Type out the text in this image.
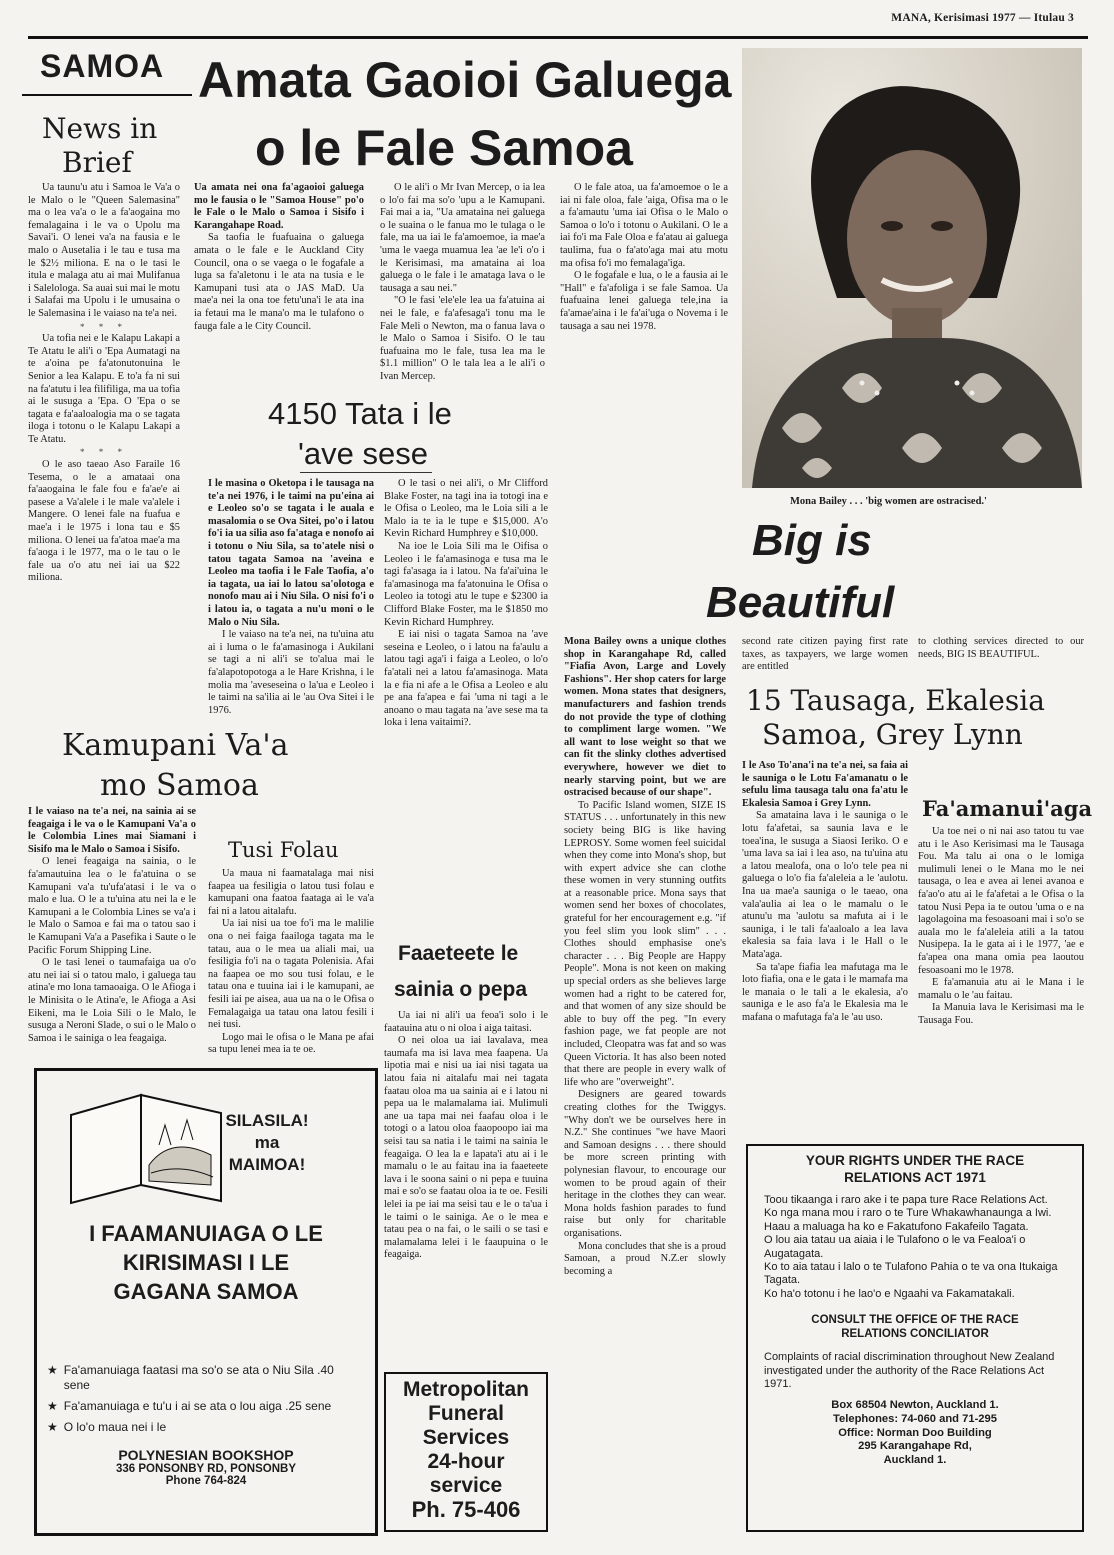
MANA, Kerisimasi 1977 — Itulau 3
SAMOA Amata Gaoioi Galuega
o le Fale Samoa
News in
Brief

Ua taunu'u atu i Samoa le Va'a o le Malo o le "Queen Salemasina" ma o lea va'a o le a fa'aogaina mo femalagaina i le va o Upolu ma Savai'i. O lenei va'a na fausia e le malo o Ausetalia i le tau e tusa ma le $2½ miliona. E na o le tasi le itula e malaga atu ai mai Mulifanua i Salelologa. Sa auai sui mai le motu i Salafai ma Upolu i le umusaina o le Salemasina i le vaiaso na te'a nei.

* * *

Ua tofia nei e le Kalapu Lakapi a Te Atatu le ali'i o 'Epa Aumatagi na te a'oina pe fa'atonutonuina le Senior a lea Kalapu. E to'a fa ni sui na fa'atutu i lea filifiliga, ma ua tofia ai le susuga a 'Epa. O 'Epa o se tagata e fa'aaloalogia ma o se tagata iloga i totonu o le Kalapu Lakapi a Te Atatu.

* * *

O le aso taeao Aso Faraile 16 Tesema, o le a amataai ona fa'aaogaina le fale fou e fa'ae'e ai pasese a Va'alele i le male va'alele i Mangere. O lenei fale na fuafua e mae'a i le 1975 i lona tau e $5 miliona. O lenei ua fa'atoa mae'a ma fa'aoga i le 1977, ma o le tau o le fale ua o'o atu nei iai ua $22 miliona.

Ua amata nei ona fa'agaoioi galuega mo le fausia o le "Samoa House" po'o le Fale o le Malo o Samoa i Sisifo i Karangahape Road.

Sa taofia le fuafuaina o galuega amata o le fale e le Auckland City Council, ona o se vaega o le fogafale a luga sa fa'aletonu i le ata na tusia e le Kamupani tusi ata o JAS MaD. Ua mae'a nei la ona toe fetu'una'i le ata ina ia fetaui ma le mana'o ma le tulafono o fauga fale a le City Council.

O le ali'i o Mr Ivan Mercep, o ia lea o lo'o fai ma so'o 'upu a le Kamupani. Fai mai a ia, "Ua amataina nei galuega o le suaina o le fanua mo le tulaga o le fale, ma ua iai le fa'amoemoe, ia mae'a 'uma le vaega muamua lea 'ae le'i o'o i le Kerisimasi, ma amataina ai loa galuega o le fale i le amataga lava o le tausaga a sau nei."

"O le fasi 'ele'ele lea ua fa'atuina ai nei le fale, e fa'afesaga'i tonu ma le Fale Meli o Newton, ma o fanua lava o le Malo o Samoa i Sisifo. O le tau fuafuaina mo le fale, tusa lea ma le $1.1 million" O le tala lea a le ali'i o Ivan Mercep.

O le fale atoa, ua fa'amoemoe o le a iai ni fale oloa, fale 'aiga, Ofisa ma o le a fa'amautu 'uma iai Ofisa o le Malo o Samoa o lo'o i totonu o Aukilani. O le a iai fo'i ma Fale Oloa e fa'atau ai galuega taulima, fua o fa'ato'aga mai atu motu ma ofisa fo'i mo femalaga'iga.

O le fogafale e lua, o le a fausia ai le "Hall" e fa'afoliga i se fale Samoa. Ua fuafuaina lenei galuega tele,ina ia fa'amae'aina i le fa'ai'uga o Novema i le tausaga a sau nei 1978.

Mona Bailey . . . 'big women are ostracised.'
4150 Tata i le
'ave sese

I le masina o Oketopa i le tausaga na te'a nei 1976, i le taimi na pu'eina ai e Leoleo so'o se tagata i le auala e masalomia o se Ova Sitei, po'o i latou fo'i ia ua silia aso fa'ataga e nonofo ai i totonu o Niu Sila, sa to'atele nisi o tatou tagata Samoa na 'aveina e Leoleo ma taofia i le Fale Taofia, a'o ia tagata, ua iai lo latou sa'olotoga e nonofo mau ai i Niu Sila. O nisi fo'i o i latou ia, o tagata a nu'u moni o le Malo o Niu Sila.

I le vaiaso na te'a nei, na tu'uina atu ai i luma o le fa'amasinoga i Aukilani se tagi a ni ali'i se to'alua mai le fa'alapotopotoga a le Hare Krishna, i le molia ma 'aveseseina o la'ua e Leoleo i le taimi na sa'ilia ai le 'au Ova Sitei i le 1976.

O le tasi o nei ali'i, o Mr Clifford Blake Foster, na tagi ina ia totogi ina e le Ofisa o Leoleo, ma le Loia sili a le Malo ia te ia le tupe e $15,000. A'o Kevin Richard Humphrey e $10,000.

Na ioe le Loia Sili ma le Oifisa o Leoleo i le fa'amasinoga e tusa ma le tagi fa'asaga ia i latou. Na fa'ai'uina le fa'amasinoga ma fa'atonuina le Ofisa o Leoleo ia totogi atu le tupe e $2300 ia Clifford Blake Foster, ma le $1850 mo Kevin Richard Humphrey.

E iai nisi o tagata Samoa na 'ave seseina e Leoleo, o i latou na fa'aulu a latou tagi aga'i i faiga a Leoleo, o lo'o fa'atali nei a latou fa'amasinoga. Mata la e fia ni afe a le Ofisa a Leoleo e alu pe ana fa'apea e fai 'uma ni tagi a le anoano o mau tagata na 'ave sese ma ta loka i lena vaitaimi?.

Kamupani Va'a
mo Samoa

I le vaiaso na te'a nei, na sainia ai se feagaiga i le va o le Kamupani Va'a o le Colombia Lines mai Siamani i Sisifo ma le Malo o Samoa i Sisifo.

O lenei feagaiga na sainia, o le fa'amautuina lea o le fa'atuina o se Kamupani va'a tu'ufa'atasi i le va o malo e lua. O le a tu'uina atu nei la e le Kamupani a le Colombia Lines se va'a i le Malo o Samoa e fai ma o tatou sao i le Kamupani Va'a a Pasefika i Saute o le Pacific Forum Shipping Line.

O le tasi lenei o taumafaiga ua o'o atu nei iai si o tatou malo, i galuega tau atina'e mo lona tamaoaiga. O le Afioga i le Minisita o le Atina'e, le Afioga a Asi Eikeni, ma le Loia Sili o le Malo, le susuga a Neroni Slade, o sui o le Malo o Samoa i le sainiga o lea feagaiga.

Tusi Folau

Ua maua ni faamatalaga mai nisi faapea ua fesiligia o latou tusi folau e kamupani ona faatoa faataga ai le va'a fai ni a latou aitalafu.

Ua iai nisi ua toe fo'i ma le malilie ona o nei faiga faailoga tagata ma le tatau, aua o le mea ua aliali mai, ua fesiligia fo'i na o tagata Polenisia. Afai na faapea oe mo sou tusi folau, e le tatau ona e tuuina iai i le kamupani, ae fesili iai pe aisea, aua ua na o le Ofisa o Femalagaiga ua tatau ona latou fesili i nei tusi.

Logo mai le ofisa o le Mana pe afai sa tupu lenei mea ia te oe.

Faaeteete le
sainia o pepa

Ua iai ni ali'i ua feoa'i solo i le faatauina atu o ni oloa i aiga taitasi.

O nei oloa ua iai lavalava, mea taumafa ma isi lava mea faapena. Ua lipotia mai e nisi ua iai nisi tagata ua latou faia ni aitalafu mai nei tagata faatau oloa ma ua sainia ai e i latou ni pepa ua le malamalama iai. Mulimuli ane ua tapa mai nei faafau oloa i le totogi o a latou oloa faaopoopo iai ma seisi tau sa natia i le taimi na sainia le feagaiga. O lea la e lapata'i atu ai i le mamalu o le au faitau ina ia faaeteete lava i le soona saini o ni pepa e tuuina mai e so'o se faatau oloa ia te oe. Fesili lelei ia pe iai ma seisi tau e le o ta'ua i le taimi o le sainiga. Ae o le mea e tatau pea o na fai, o le saili o se tasi e malamalama lelei i le faaupuina o le feagaiga.

Metropolitan
Funeral
Services
24-hour
service
Ph. 75-406
SILASILA!
ma
MAIMOA!
I FAAMANUIAGA O LE
KIRISIMASI I LE
GAGANA SAMOA
★ Fa'amanuiaga faatasi ma so'o se ata o Niu Sila .40 sene
★ Fa'amanuiaga e tu'u i ai se ata o lou aiga .25 sene
★ O lo'o maua nei i le
POLYNESIAN BOOKSHOP
336 PONSONBY RD, PONSONBY
Phone 764-824
Big is
Beautiful

Mona Bailey owns a unique clothes shop in Karangahape Rd, called "Fiafia Avon, Large and Lovely Fashions". Her shop caters for large women. Mona states that designers, manufacturers and fashion trends do not provide the type of clothing to compliment large women. "We all want to lose weight so that we can fit the slinky clothes advertised everywhere, however we diet to nearly starving point, but we are ostracised because of our shape".

To Pacific Island women, SIZE IS STATUS . . . unfortunately in this new society being BIG is like having LEPROSY. Some women feel suicidal when they come into Mona's shop, but with expert advice she can clothe these women in very stunning outfits at a reasonable price. Mona says that women send her boxes of chocolates, grateful for her encouragement e.g. "if you feel slim you look slim" . . . Clothes should emphasise one's character . . . Big People are Happy People". Mona is not keen on making up special orders as she believes large women had a right to be catered for, and that women of any size should be able to buy off the peg. "In every fashion page, we fat people are not included, Cleopatra was fat and so was Queen Victoria. It has also been noted that there are people in every walk of life who are "overweight".

Designers are geared towards creating clothes for the Twiggys. "Why don't we be ourselves here in N.Z." She continues "we have Maori and Samoan designs . . . there should be more screen printing with polynesian flavour, to encourage our women to be proud again of their heritage in the clothes they can wear. Mona holds fashion parades to fund raise but only for charitable organisations.

Mona concludes that she is a proud Samoan, a proud N.Z.er slowly becoming a

second rate citizen paying first rate taxes, as taxpayers, we large women are entitled

to clothing services directed to our needs, BIG IS BEAUTIFUL.

15 Tausaga, Ekalesia
Samoa, Grey Lynn

I le Aso To'ana'i na te'a nei, sa faia ai le sauniga o le Lotu Fa'amanatu o le sefulu lima tausaga talu ona fa'atu le Ekalesia Samoa i Grey Lynn.

Sa amataina lava i le sauniga o le lotu fa'afetai, sa saunia lava e le toea'ina, le susuga a Siaosi Ieriko. O e 'uma lava sa iai i lea aso, na tu'uina atu a latou mealofa, ona o lo'o tele pea ni galuega o lo'o fia fa'aleleia a le 'aulotu. Ina ua mae'a sauniga o le taeao, ona vala'aulia ai lea o le mamalu o le atunu'u ma 'aulotu sa mafuta ai i le sauniga, i le tali fa'aaloalo a lea lava ekalesia sa faia lava i le Hall o le Mata'aga.

Sa ta'ape fiafia lea mafutaga ma le loto fiafia, ona e le gata i le mamafa ma le manaia o le tali a le ekalesia, a'o sauniga e le aso fa'a le Ekalesia ma le mafana o mafutaga fa'a le 'au uso.

Fa'amanui'aga

Ua toe nei o ni nai aso tatou tu vae atu i le Aso Kerisimasi ma le Tausaga Fou. Ma talu ai ona o le lomiga mulimuli lenei o le Mana mo le nei tausaga, o lea e avea ai lenei avanoa e fa'ao'o atu ai le fa'afetai a le Ofisa o la tatou Nusi Pepa ia te outou 'uma o e na lagolagoina ma fesoasoani mai i so'o se auala mo le fa'aleleia atili a la tatou Nusipepa. Ia le gata ai i le 1977, 'ae e fa'apea ona mana omia pea laoutou fesoasoani mo le 1978.

E fa'amanuia atu ai le Mana i le mamalu o le 'au faitau.

Ia Manuia lava le Kerisimasi ma le Tausaga Fou.

YOUR RIGHTS UNDER THE RACE
RELATIONS ACT 1971
Toou tikaanga i raro ake i te papa ture Race Relations Act.
Ko nga mana mou i raro o te Ture Whakawhanaunga a Iwi.
Haau a maluaga ha ko e Fakatufono Fakafeilo Tagata.
O lou aia tatau ua aiaia i le Tulafono o le va Fealoa'i o Augatagata.
Ko to aia tatau i lalo o te Tulafono Pahia o te va ona Itukaiga Tagata.
Ko ha'o totonu i he lao'o e Ngaahi va Fakamatakali.
CONSULT THE OFFICE OF THE RACE
RELATIONS CONCILIATOR
Complaints of racial discrimination throughout New Zealand investigated under the authority of the Race Relations Act 1971.
Box 68504 Newton, Auckland 1.
Telephones: 74-060 and 71-295
Office: Norman Doo Building
295 Karangahape Rd,
Auckland 1.
